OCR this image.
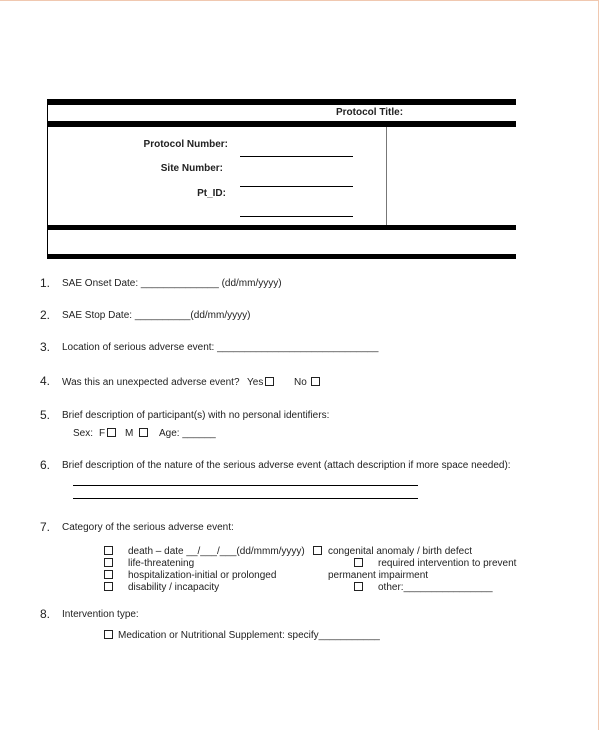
Protocol Title:
Protocol Number:
Site Number:
Pt_ID:
1. SAE Onset Date: ______________ (dd/mm/yyyy)
2. SAE Stop Date: __________(dd/mm/yyyy)
3. Location of serious adverse event: _____________________________
4. Was this an unexpected adverse event? Yes	No
5. Brief description of participant(s) with no personal identifiers:
Sex: F M	Age: ______
6. Brief description of the nature of the serious adverse event (attach description if more space needed):
7. Category of the serious adverse event:
death – date __/___/___(dd/mmm/yyyy)
life-threatening
hospitalization-initial or prolonged
disability / incapacity
congenital anomaly / birth defect
required intervention to prevent
permanent impairment
other:________________
8. Intervention type:
Medication or Nutritional Supplement: specify___________
